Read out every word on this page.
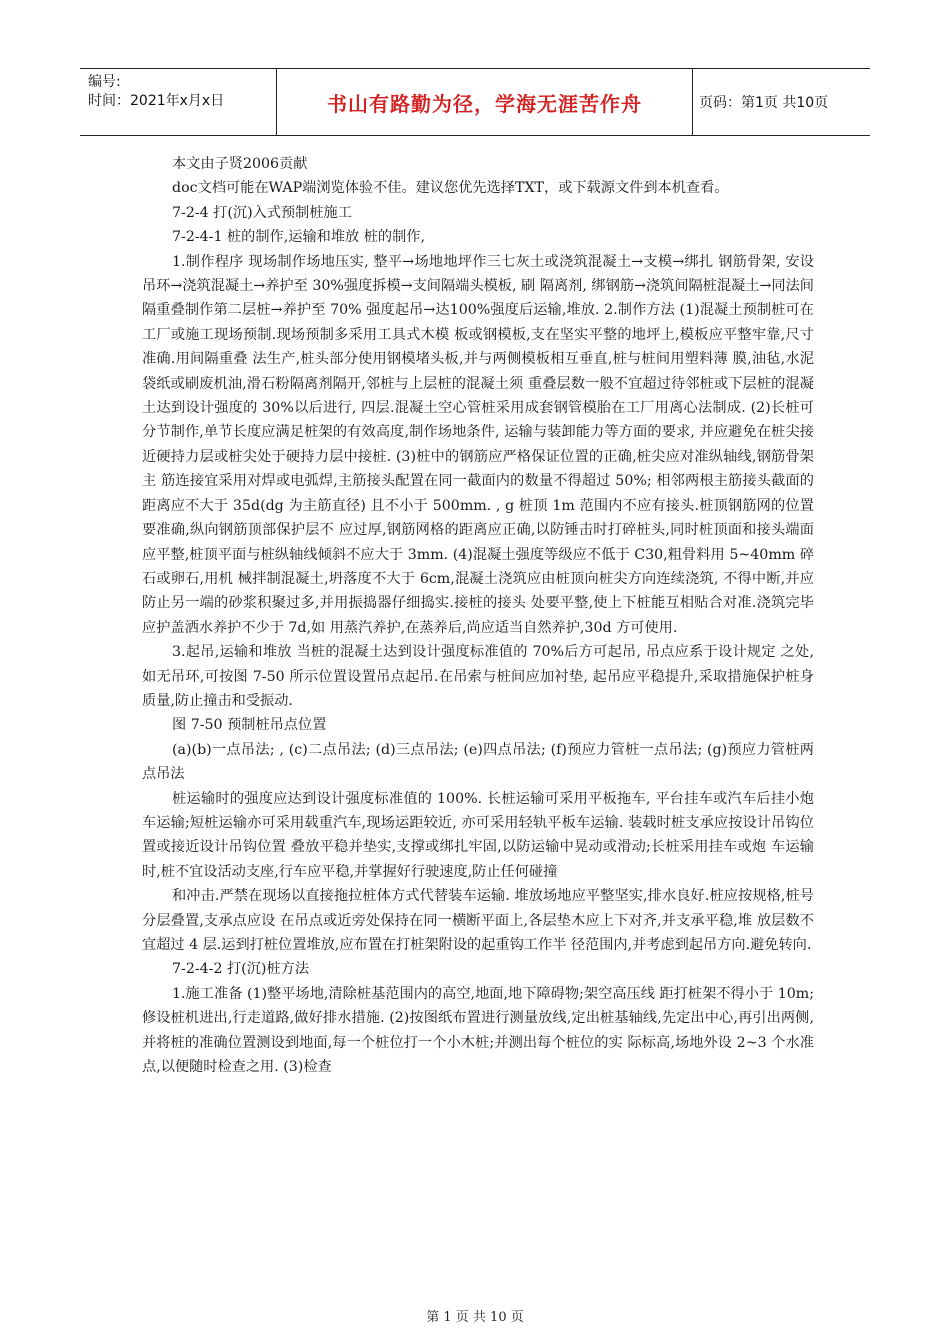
编号:
时间：2021年x月x日	书山有路勤为径，学海无涯苦作舟	页码：第1页 共10页

本文由子贤2006贡献

doc文档可能在WAP端浏览体验不佳。建议您优先选择TXT，或下载源文件到本机查看。

7-2-4 打(沉)入式预制桩施工

7-2-4-1 桩的制作,运输和堆放 桩的制作,

1.制作程序 现场制作场地压实, 整平→场地地坪作三七灰土或浇筑混凝土→支模→绑扎 钢筋骨架, 安设吊环→浇筑混凝土→养护至 30%强度拆模→支间隔端头模板, 刷 隔离剂, 绑钢筋→浇筑间隔桩混凝土→同法间隔重叠制作第二层桩→养护至 70% 强度起吊→达100%强度后运输,堆放. 2.制作方法 (1)混凝土预制桩可在工厂或施工现场预制.现场预制多采用工具式木模 板或钢模板,支在坚实平整的地坪上,模板应平整牢靠,尺寸准确.用间隔重叠 法生产,桩头部分使用钢模堵头板,并与两侧模板相互垂直,桩与桩间用塑料薄 膜,油毡,水泥袋纸或刷废机油,滑石粉隔离剂隔开,邻桩与上层桩的混凝土须 重叠层数一般不宜超过待邻桩或下层桩的混凝土达到设计强度的 30%以后进行, 四层.混凝土空心管桩采用成套钢管模胎在工厂用离心法制成. (2)长桩可分节制作,单节长度应满足桩架的有效高度,制作场地条件, 运输与装卸能力等方面的要求, 并应避免在桩尖接近硬持力层或桩尖处于硬持力层中接桩. (3)桩中的钢筋应严格保证位置的正确,桩尖应对准纵轴线,钢筋骨架主 筋连接宜采用对焊或电弧焊,主筋接头配置在同一截面内的数量不得超过 50%; 相邻两根主筋接头截面的距离应不大于 35d(dg 为主筋直径) 且不小于 500mm. , g 桩顶 1m 范围内不应有接头.桩顶钢筋网的位置要准确,纵向钢筋顶部保护层不 应过厚,钢筋网格的距离应正确,以防锤击时打碎桩头,同时桩顶面和接头端面 应平整,桩顶平面与桩纵轴线倾斜不应大于 3mm. (4)混凝土强度等级应不低于 C30,粗骨料用 5~40mm 碎石或卵石,用机 械拌制混凝土,坍落度不大于 6cm,混凝土浇筑应由桩顶向桩尖方向连续浇筑, 不得中断,并应防止另一端的砂浆积聚过多,并用振捣器仔细捣实.接桩的接头 处要平整,使上下桩能互相贴合对准.浇筑完毕应护盖洒水养护不少于 7d,如 用蒸汽养护,在蒸养后,尚应适当自然养护,30d 方可使用.

3.起吊,运输和堆放 当桩的混凝土达到设计强度标准值的 70%后方可起吊, 吊点应系于设计规定 之处,如无吊环,可按图 7-50 所示位置设置吊点起吊.在吊索与桩间应加衬垫, 起吊应平稳提升,采取措施保护桩身质量,防止撞击和受振动.

图 7-50 预制桩吊点位置

(a)(b)一点吊法; , (c)二点吊法; (d)三点吊法; (e)四点吊法; (f)预应力管桩一点吊法; (g)预应力管桩两点吊法

桩运输时的强度应达到设计强度标准值的 100%. 长桩运输可采用平板拖车, 平台挂车或汽车后挂小炮车运输;短桩运输亦可采用载重汽车,现场运距较近, 亦可采用轻轨平板车运输. 装载时桩支承应按设计吊钩位置或接近设计吊钩位置 叠放平稳并垫实,支撑或绑扎牢固,以防运输中晃动或滑动;长桩采用挂车或炮 车运输时,桩不宜设活动支座,行车应平稳,并掌握好行驶速度,防止任何碰撞

和冲击.严禁在现场以直接拖拉桩体方式代替装车运输. 堆放场地应平整坚实,排水良好.桩应按规格,桩号分层叠置,支承点应设 在吊点或近旁处保持在同一横断平面上,各层垫木应上下对齐,并支承平稳,堆 放层数不宜超过 4 层.运到打桩位置堆放,应布置在打桩架附设的起重钩工作半 径范围内,并考虑到起吊方向.避免转向.

7-2-4-2 打(沉)桩方法

1.施工准备 (1)整平场地,清除桩基范围内的高空,地面,地下障碍物;架空高压线 距打桩架不得小于 10m;修设桩机进出,行走道路,做好排水措施. (2)按图纸布置进行测量放线,定出桩基轴线,先定出中心,再引出两侧, 并将桩的准确位置测设到地面,每一个桩位打一个小木桩;并测出每个桩位的实 际标高,场地外设 2~3 个水准点,以便随时检查之用. (3)检查

第 1 页 共 10 页
